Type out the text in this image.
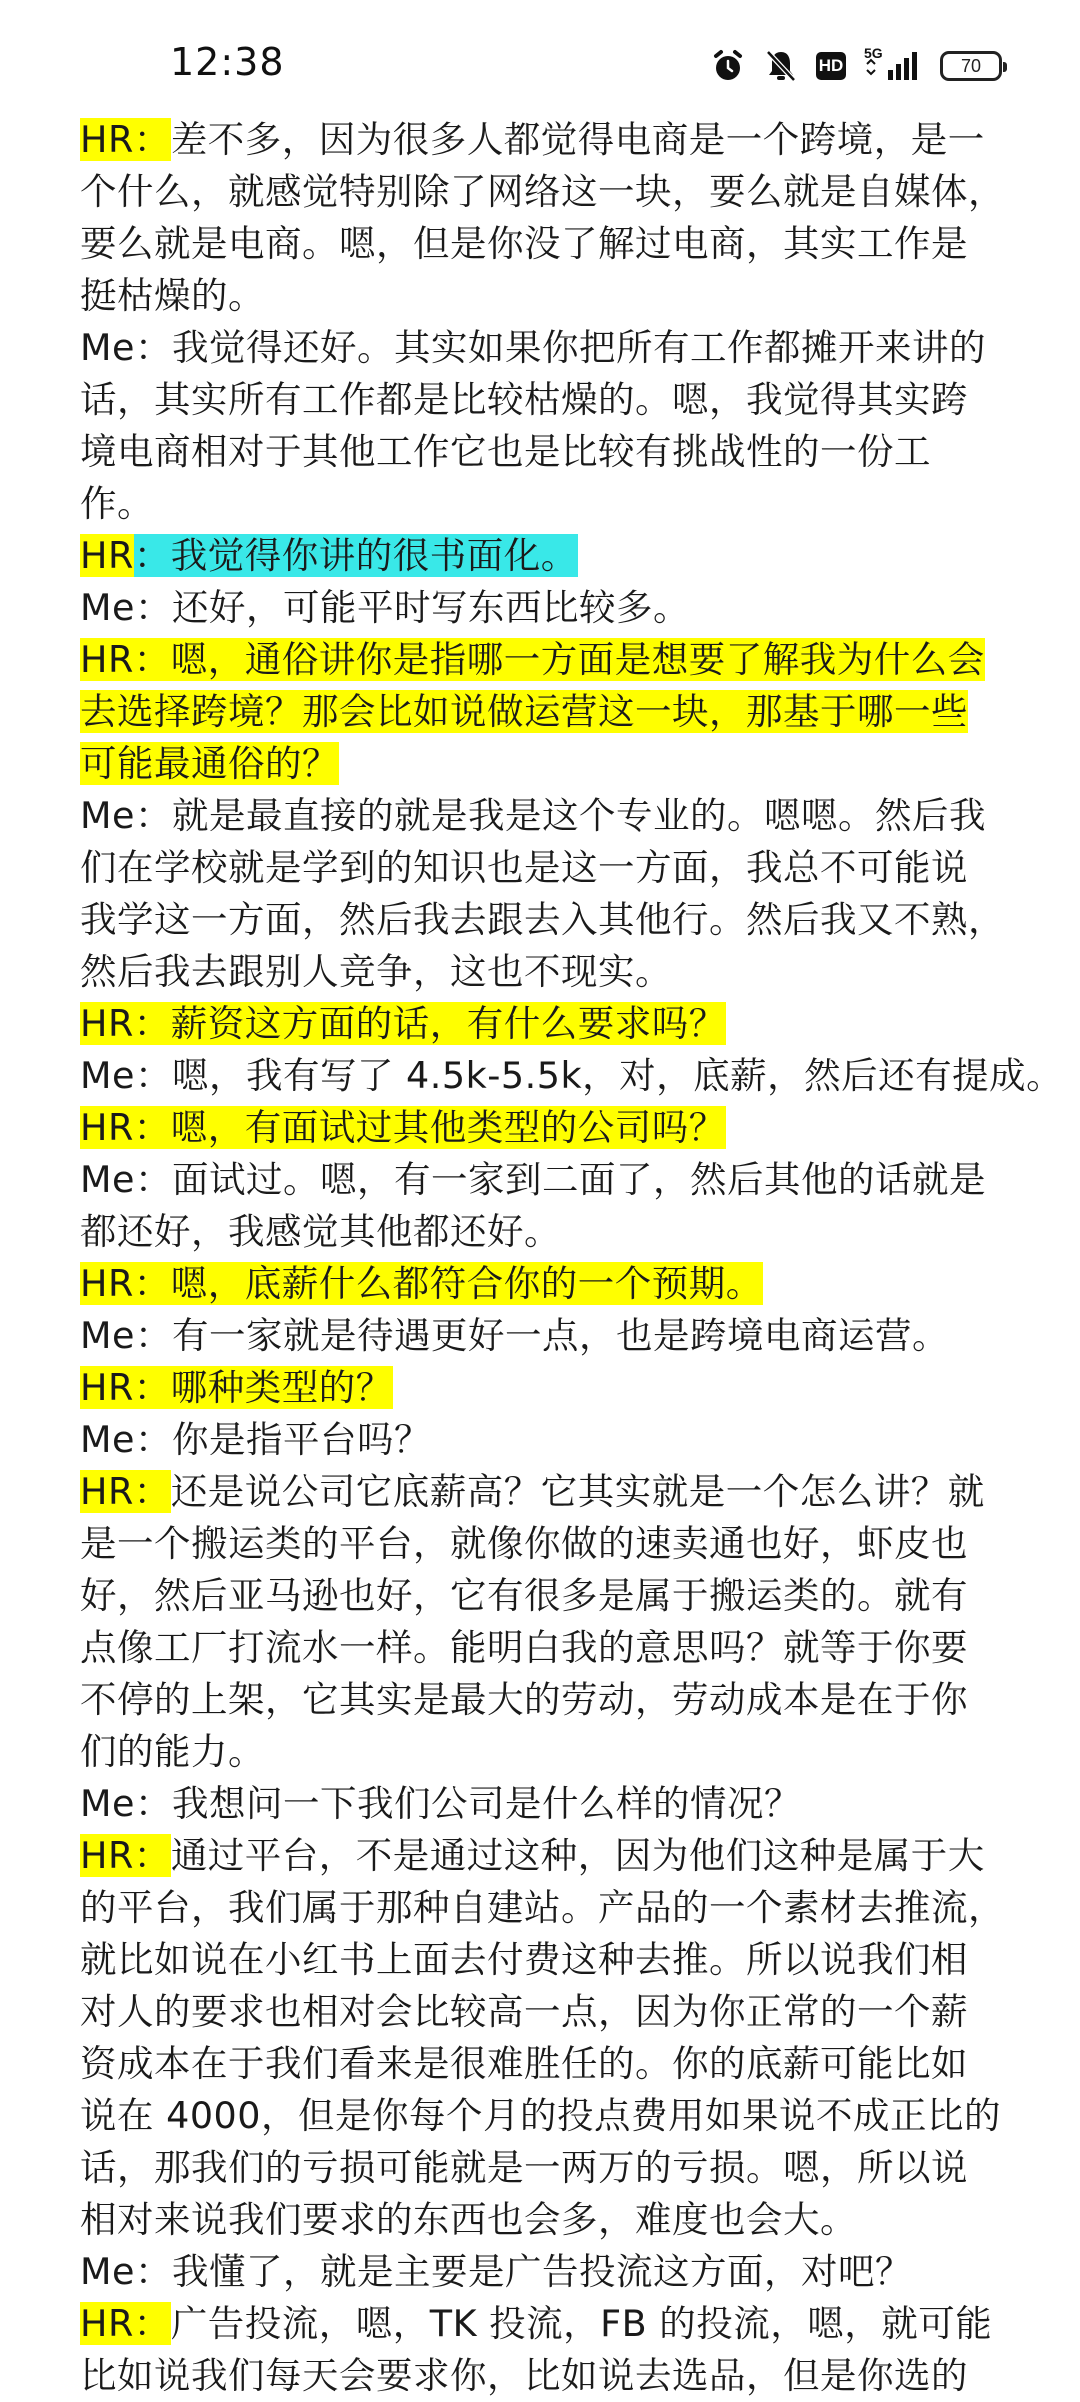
12:38	HD
5G
70
HR：差不多，因为很多人都觉得电商是一个跨境，是一
个什么，就感觉特别除了网络这一块，要么就是自媒体，
要么就是电商。嗯，但是你没了解过电商，其实工作是
挺枯燥的。
Me：我觉得还好。其实如果你把所有工作都摊开来讲的
话，其实所有工作都是比较枯燥的。嗯，我觉得其实跨
境电商相对于其他工作它也是比较有挑战性的一份工
作。
HR：我觉得你讲的很书面化。
Me：还好，可能平时写东西比较多。
HR：嗯，通俗讲你是指哪一方面是想要了解我为什么会
去选择跨境？那会比如说做运营这一块，那基于哪一些
可能最通俗的？
Me：就是最直接的就是我是这个专业的。嗯嗯。然后我
们在学校就是学到的知识也是这一方面，我总不可能说
我学这一方面，然后我去跟去入其他行。然后我又不熟，
然后我去跟别人竞争，这也不现实。
HR：薪资这方面的话，有什么要求吗？
Me：嗯，我有写了 4.5k-5.5k，对，底薪，然后还有提成。
HR：嗯，有面试过其他类型的公司吗？
Me：面试过。嗯，有一家到二面了，然后其他的话就是
都还好，我感觉其他都还好。
HR：嗯，底薪什么都符合你的一个预期。
Me：有一家就是待遇更好一点，也是跨境电商运营。
HR：哪种类型的？
Me：你是指平台吗？
HR：还是说公司它底薪高？它其实就是一个怎么讲？就
是一个搬运类的平台，就像你做的速卖通也好，虾皮也
好，然后亚马逊也好，它有很多是属于搬运类的。就有
点像工厂打流水一样。能明白我的意思吗？就等于你要
不停的上架，它其实是最大的劳动，劳动成本是在于你
们的能力。
Me：我想问一下我们公司是什么样的情况？
HR：通过平台，不是通过这种，因为他们这种是属于大
的平台，我们属于那种自建站。产品的一个素材去推流，
就比如说在小红书上面去付费这种去推。所以说我们相
对人的要求也相对会比较高一点，因为你正常的一个薪
资成本在于我们看来是很难胜任的。你的底薪可能比如
说在 4000，但是你每个月的投点费用如果说不成正比的
话，那我们的亏损可能就是一两万的亏损。嗯，所以说
相对来说我们要求的东西也会多，难度也会大。
Me：我懂了，就是主要是广告投流这方面，对吧？
HR：广告投流，嗯，TK 投流，FB 的投流，嗯，就可能
比如说我们每天会要求你，比如说去选品，但是你选的
